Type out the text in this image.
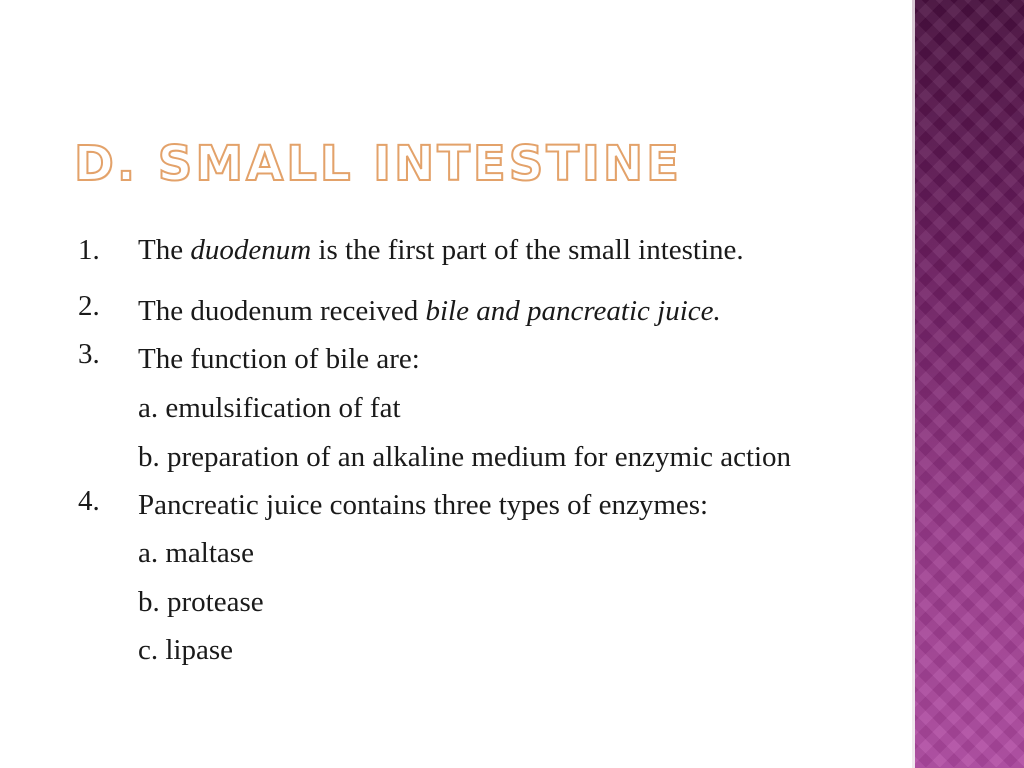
D. SMALL INTESTINE
1. The duodenum is the first part of the small intestine.
2. The duodenum received bile and pancreatic juice.
3. The function of bile are:
a. emulsification of fat
b. preparation of an alkaline medium for enzymic action
4. Pancreatic juice contains three types of enzymes:
a. maltase
b. protease
c. lipase
